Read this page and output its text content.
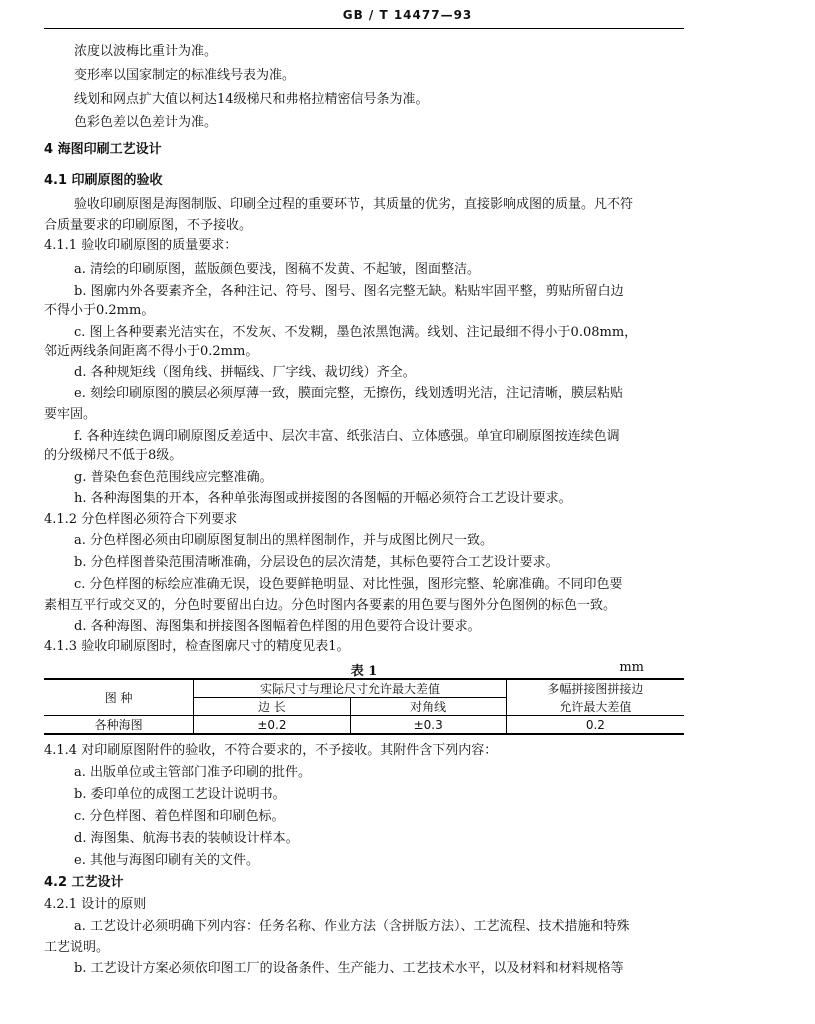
GB / T 14477—93
浓度以波梅比重计为准。
变形率以国家制定的标准线号表为准。
线划和网点扩大值以柯达14级梯尺和弗格拉精密信号条为准。
色彩色差以色差计为准。
4 海图印刷工艺设计
4.1 印刷原图的验收
验收印刷原图是海图制版、印刷全过程的重要环节，其质量的优劣，直接影响成图的质量。凡不符
合质量要求的印刷原图，不予接收。
4.1.1 验收印刷原图的质量要求：
a. 清绘的印刷原图，蓝版颜色要浅，图稿不发黄、不起皱，图面整洁。
b. 图廓内外各要素齐全，各种注记、符号、图号、图名完整无缺。粘贴牢固平整，剪贴所留白边
不得小于0.2mm。
c. 图上各种要素光洁实在，不发灰、不发糊，墨色浓黑饱满。线划、注记最细不得小于0.08mm，
邻近两线条间距离不得小于0.2mm。
d. 各种规矩线（图角线、拼幅线、厂字线、裁切线）齐全。
e. 刻绘印刷原图的膜层必须厚薄一致，膜面完整，无擦伤，线划透明光洁，注记清晰，膜层粘贴
要牢固。
f. 各种连续色调印刷原图反差适中、层次丰富、纸张洁白、立体感强。单宜印刷原图按连续色调
的分级梯尺不低于8级。
g. 普染色套色范围线应完整准确。
h. 各种海图集的开本，各种单张海图或拼接图的各图幅的开幅必须符合工艺设计要求。
4.1.2 分色样图必须符合下列要求
a. 分色样图必须由印刷原图复制出的黑样图制作，并与成图比例尺一致。
b. 分色样图普染范围清晰准确，分层设色的层次清楚，其标色要符合工艺设计要求。
c. 分色样图的标绘应准确无误，设色要鲜艳明显、对比性强，图形完整、轮廓准确。不同印色要
素相互平行或交叉的，分色时要留出白边。分色时图内各要素的用色要与图外分色图例的标色一致。
d. 各种海图、海图集和拼接图各图幅着色样图的用色要符合设计要求。
4.1.3 验收印刷原图时，检查图廓尺寸的精度见表1。
表 1	mm
图 种	实际尺寸与理论尺寸允许最大差值		多幅拼接图拼接边
	边 长	对角线	允许最大差值
各种海图	±0.2	±0.3	0.2
4.1.4 对印刷原图附件的验收，不符合要求的，不予接收。其附件含下列内容：
a. 出版单位或主管部门准予印刷的批件。
b. 委印单位的成图工艺设计说明书。
c. 分色样图、着色样图和印刷色标。
d. 海图集、航海书表的装帧设计样本。
e. 其他与海图印刷有关的文件。
4.2 工艺设计
4.2.1 设计的原则
a. 工艺设计必须明确下列内容：任务名称、作业方法（含拼版方法）、工艺流程、技术措施和特殊
工艺说明。
b. 工艺设计方案必须依印图工厂的设备条件、生产能力、工艺技术水平，以及材料和材料规格等
